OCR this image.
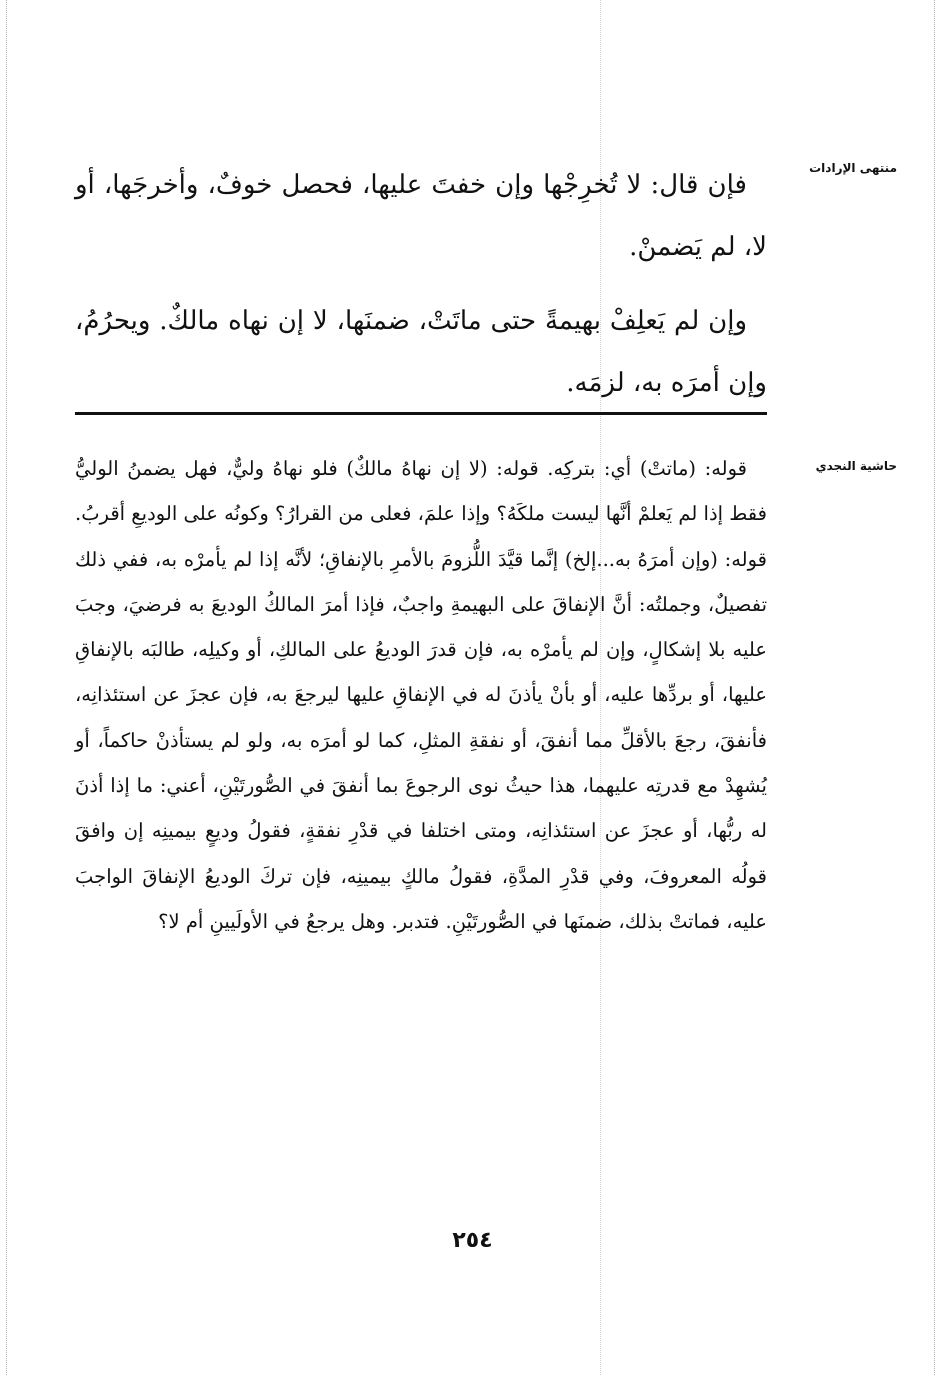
منتهى الإرادات

فإن قال: لا تُخرِجْها وإن خفتَ عليها، فحصل خوفٌ، وأخرجَها، أو لا، لم يَضمنْ.

وإن لم يَعلِفْ بهيمةً حتى ماتَتْ، ضمنَها، لا إن نهاه مالكٌ. ويحرُمُ، وإن أمرَه به، لزمَه.

حاشية النجدي

قوله: (ماتتْ) أي: بتركِه. قوله: (لا إن نهاهُ مالكٌ) فلو نهاهُ وليٌّ، فهل يضمنُ الوليُّ فقط إذا لم يَعلمْ أنَّها ليست ملكَهُ؟ وإذا علمَ، فعلى من القرارُ؟ وكونُه على الوديعِ أقربُ. قوله: (وإن أمرَهُ به...إلخ) إنَّما قيَّدَ اللُّزومَ بالأمرِ بالإنفاقِ؛ لأنَّه إذا لم يأمرْه به، ففي ذلك تفصيلٌ، وجملتُه: أنَّ الإنفاقَ على البهيمةِ واجبٌ، فإذا أمرَ المالكُ الوديعَ به فرضيَ، وجبَ عليه بلا إشكالٍ، وإن لم يأمرْه به، فإن قدرَ الوديعُ على المالكِ، أو وكيلِه، طالبَه بالإنفاقِ عليها، أو بردِّها عليه، أو بأنْ يأذنَ له في الإنفاقِ عليها ليرجعَ به، فإن عجزَ عن استئذانِه، فأنفقَ، رجعَ بالأقلِّ مما أنفقَ، أو نفقةِ المثلِ، كما لو أمرَه به، ولو لم يستأذنْ حاكماً، أو يُشهِدْ مع قدرتِه عليهما، هذا حيثُ نوى الرجوعَ بما أنفقَ في الصُّورتَيْنِ، أعني: ما إذا أذنَ له ربُّها، أو عجزَ عن استئذانِه، ومتى اختلفا في قدْرِ نفقةٍ، فقولُ وديعٍ بيمينِه إن وافقَ قولُه المعروفَ، وفي قدْرِ المدَّةِ، فقولُ مالكٍ بيمينِه، فإن تركَ الوديعُ الإنفاقَ الواجبَ عليه، فماتتْ بذلك، ضمنَها في الصُّورتَيْنِ. فتدبر. وهل يرجعُ في الأولَيينِ أم لا؟

٢٥٤
